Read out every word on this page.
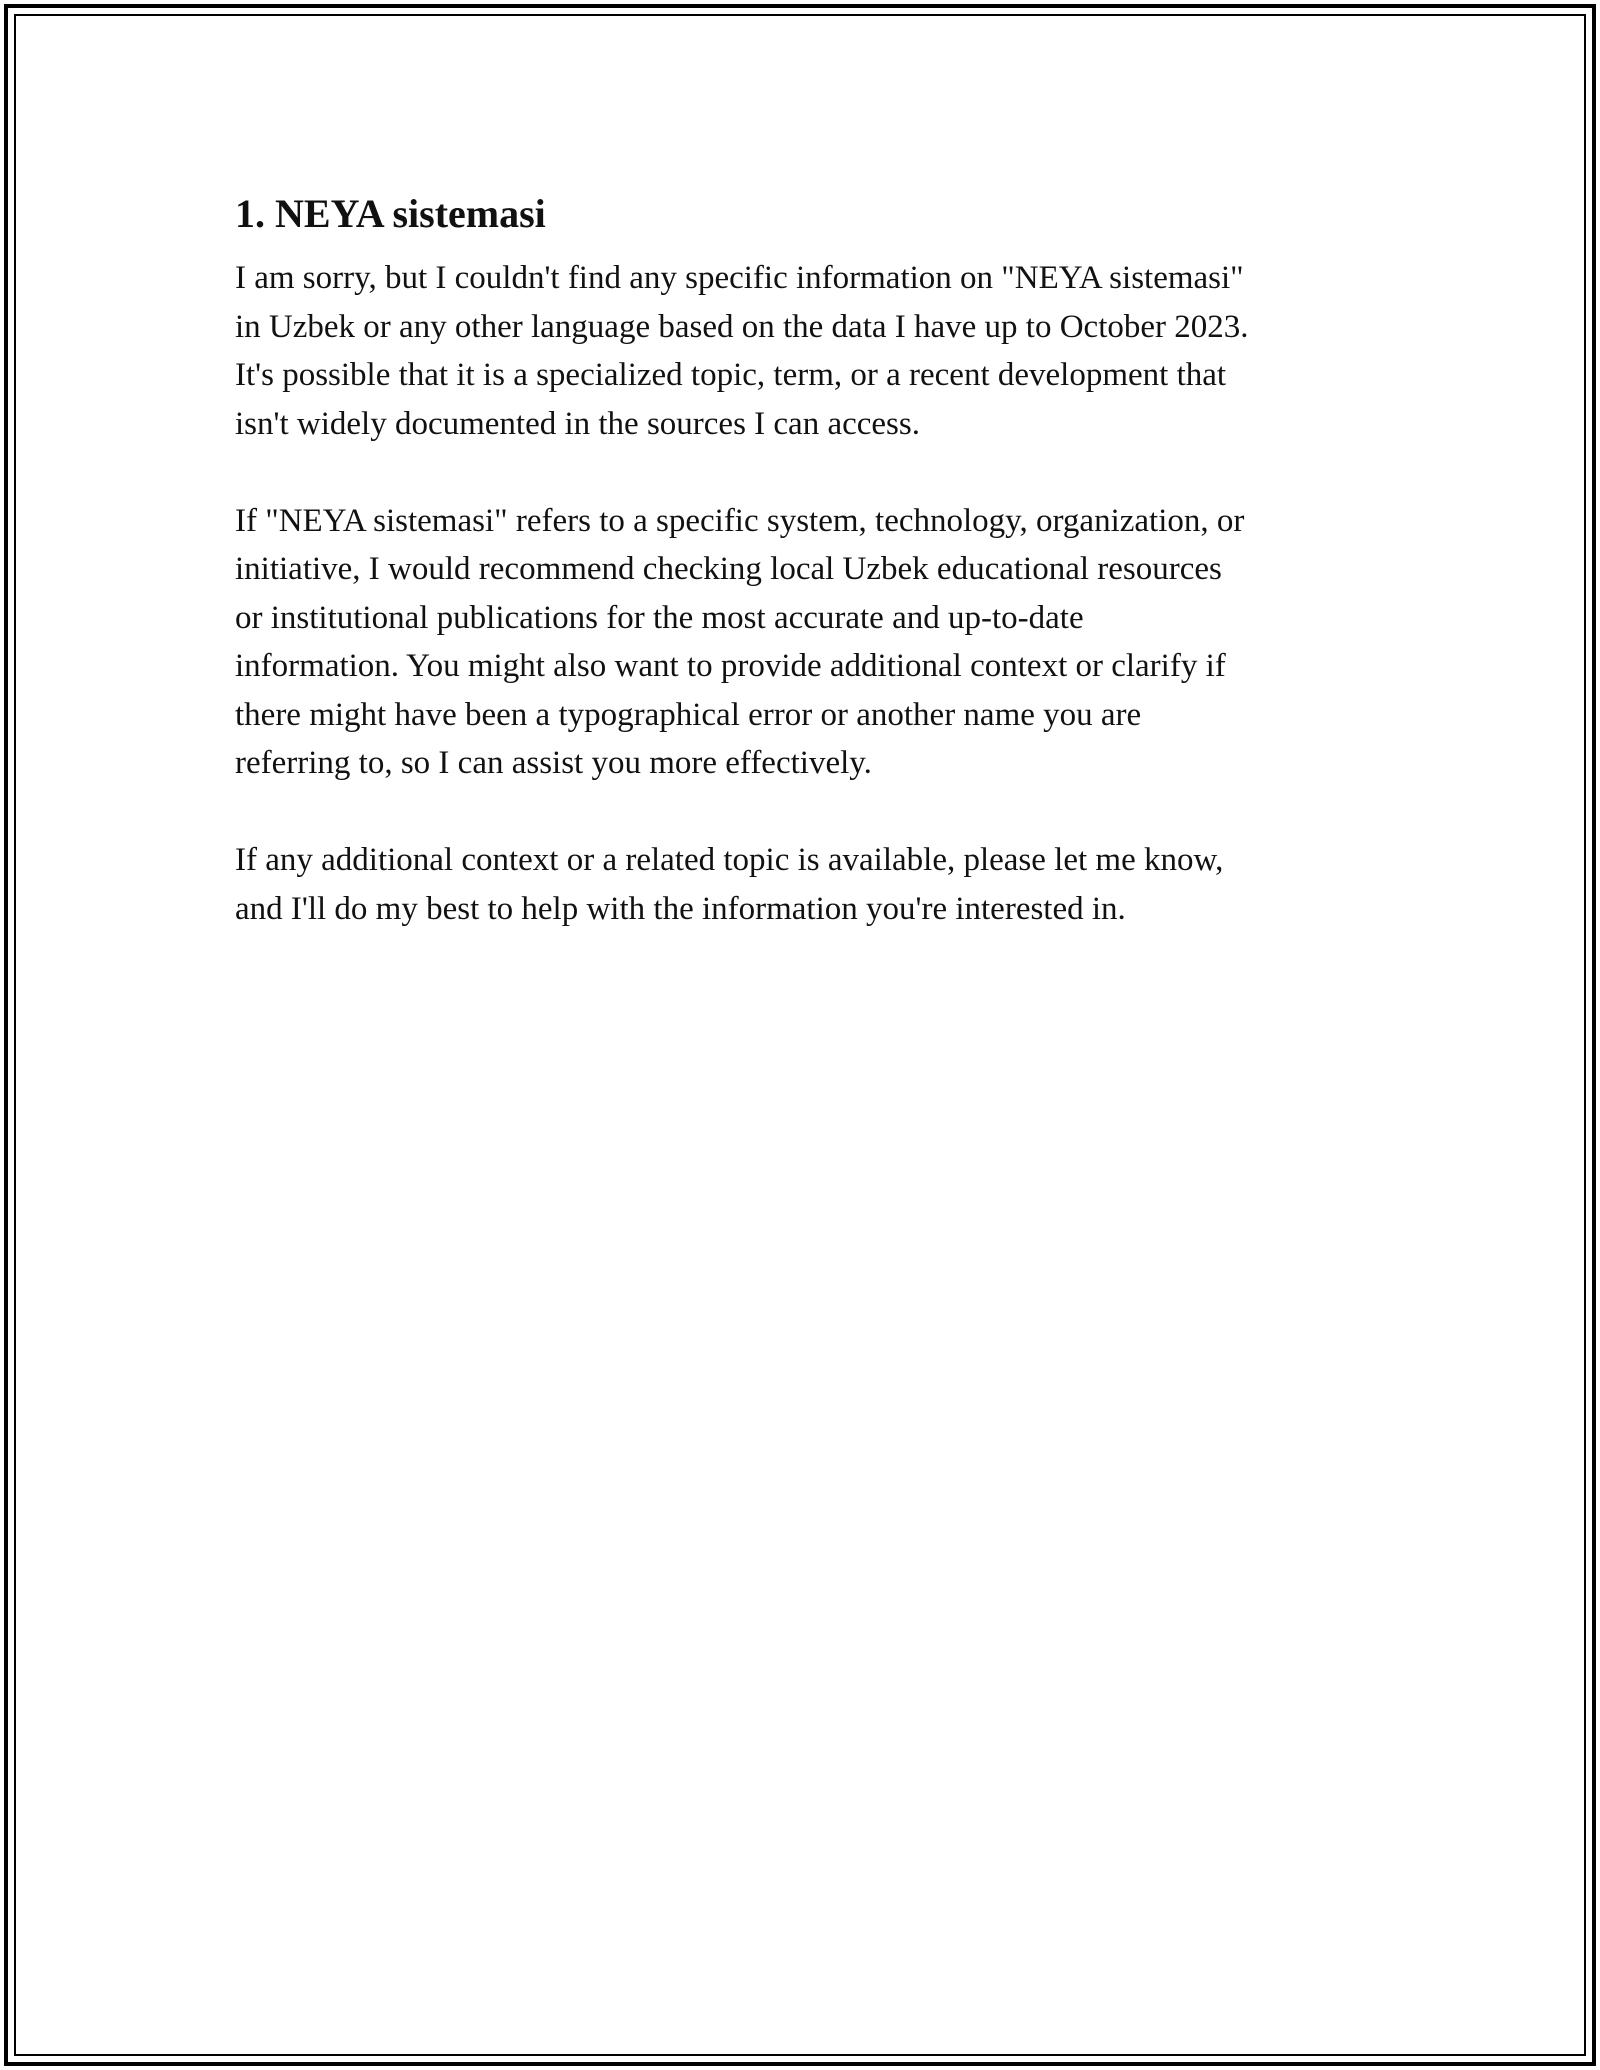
1. NEYA sistemasi

I am sorry, but I couldn't find any specific information on "NEYA sistemasi"
in Uzbek or any other language based on the data I have up to October 2023.
It's possible that it is a specialized topic, term, or a recent development that
isn't widely documented in the sources I can access.

If "NEYA sistemasi" refers to a specific system, technology, organization, or
initiative, I would recommend checking local Uzbek educational resources
or institutional publications for the most accurate and up-to-date
information. You might also want to provide additional context or clarify if
there might have been a typographical error or another name you are
referring to, so I can assist you more effectively.

If any additional context or a related topic is available, please let me know,
and I'll do my best to help with the information you're interested in.
